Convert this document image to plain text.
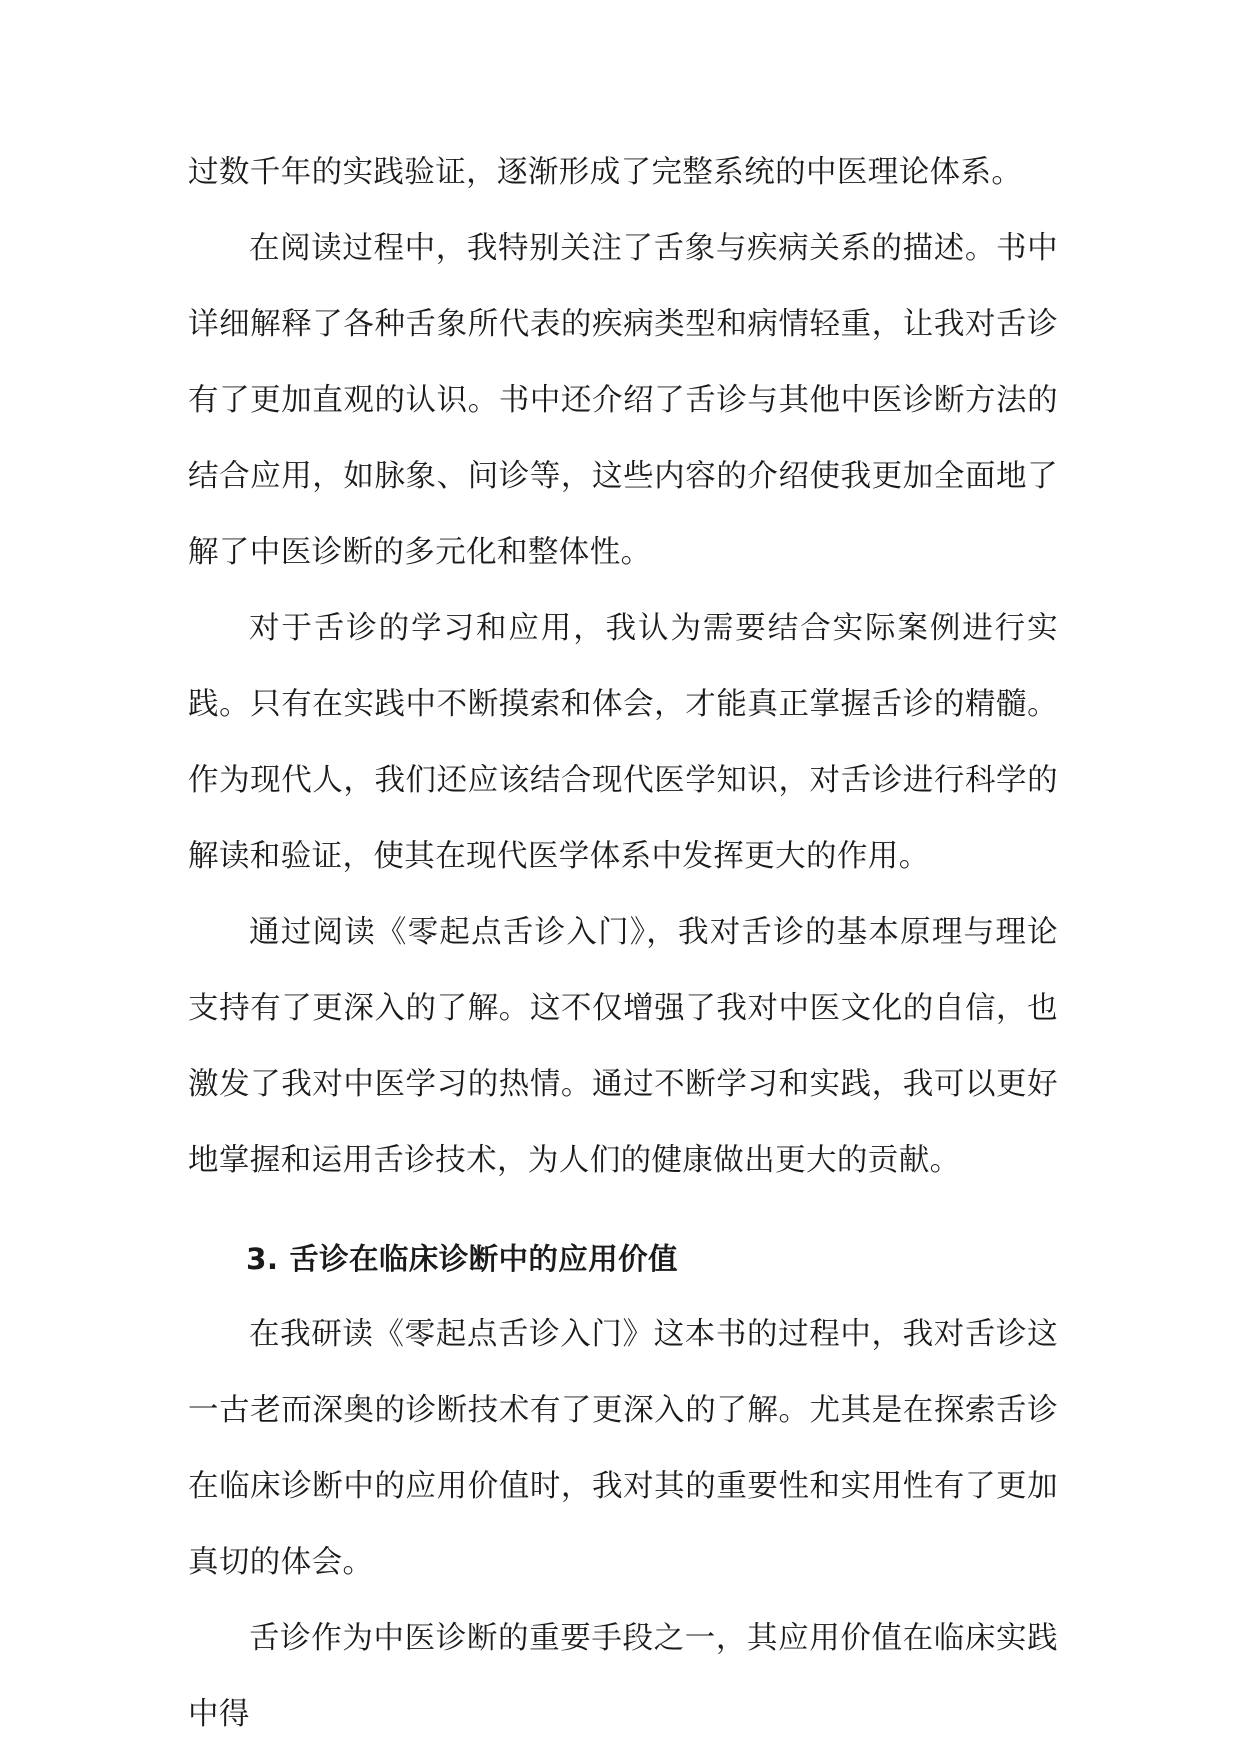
过数千年的实践验证，逐渐形成了完整系统的中医理论体系。

在阅读过程中，我特别关注了舌象与疾病关系的描述。书中详细解释了各种舌象所代表的疾病类型和病情轻重，让我对舌诊有了更加直观的认识。书中还介绍了舌诊与其他中医诊断方法的结合应用，如脉象、问诊等，这些内容的介绍使我更加全面地了解了中医诊断的多元化和整体性。

对于舌诊的学习和应用，我认为需要结合实际案例进行实践。只有在实践中不断摸索和体会，才能真正掌握舌诊的精髓。作为现代人，我们还应该结合现代医学知识，对舌诊进行科学的解读和验证，使其在现代医学体系中发挥更大的作用。

通过阅读《零起点舌诊入门》，我对舌诊的基本原理与理论支持有了更深入的了解。这不仅增强了我对中医文化的自信，也激发了我对中医学习的热情。通过不断学习和实践，我可以更好地掌握和运用舌诊技术，为人们的健康做出更大的贡献。

3. 舌诊在临床诊断中的应用价值

在我研读《零起点舌诊入门》这本书的过程中，我对舌诊这一古老而深奥的诊断技术有了更深入的了解。尤其是在探索舌诊在临床诊断中的应用价值时，我对其的重要性和实用性有了更加真切的体会。

舌诊作为中医诊断的重要手段之一，其应用价值在临床实践中得
